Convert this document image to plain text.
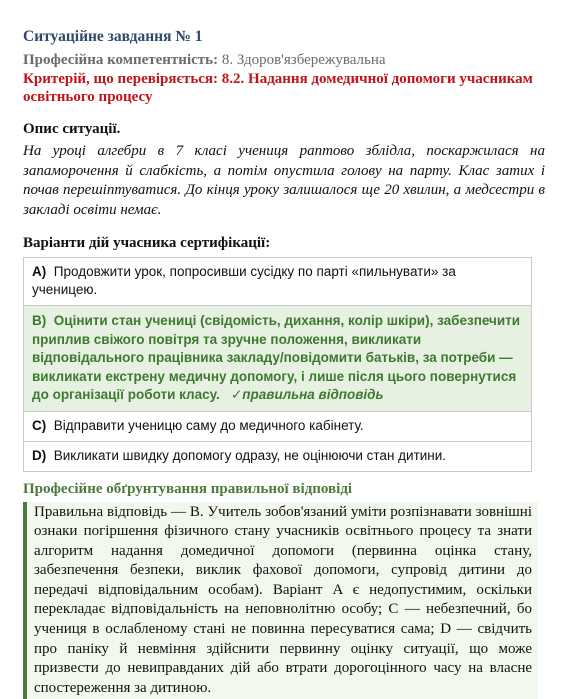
Ситуаційне завдання № 1
Професійна компетентність: 8. Здоров'язбережувальна
Критерій, що перевіряється: 8.2. Надання домедичної допомоги учасникам освітнього процесу
Опис ситуації.
На уроці алгебри в 7 класі учениця раптово зблідла, поскаржилася на запаморочення й слабкість, а потім опустила голову на парту. Клас затих і почав перешіптуватися. До кінця уроку залишалося ще 20 хвилин, а медсестри в закладі освіти немає.
Варіанти дій учасника сертифікації:
A) Продовжити урок, попросивши сусідку по парті «пильнувати» за ученицею.
B) Оцінити стан учениці (свідомість, дихання, колір шкіри), забезпечити приплив свіжого повітря та зручне положення, викликати відповідального працівника закладу/повідомити батьків, за потреби — викликати екстрену медичну допомогу, і лише після цього повернутися до організації роботи класу. ✓правильна відповідь
C) Відправити ученицю саму до медичного кабінету.
D) Викликати швидку допомогу одразу, не оцінюючи стан дитини.
Професійне обґрунтування правильної відповіді
Правильна відповідь — B. Учитель зобов'язаний уміти розпізнавати зовнішні ознаки погіршення фізичного стану учасників освітнього процесу та знати алгоритм надання домедичної допомоги (первинна оцінка стану, забезпечення безпеки, виклик фахової допомоги, супровід дитини до передачі відповідальним особам). Варіант A є недопустимим, оскільки перекладає відповідальність на неповнолітню особу; C — небезпечний, бо учениця в ослабленому стані не повинна пересуватися сама; D — свідчить про паніку й невміння здійснити первинну оцінку ситуації, що може призвести до невиправданих дій або втрати дорогоцінного часу на власне спостереження за дитиною.
